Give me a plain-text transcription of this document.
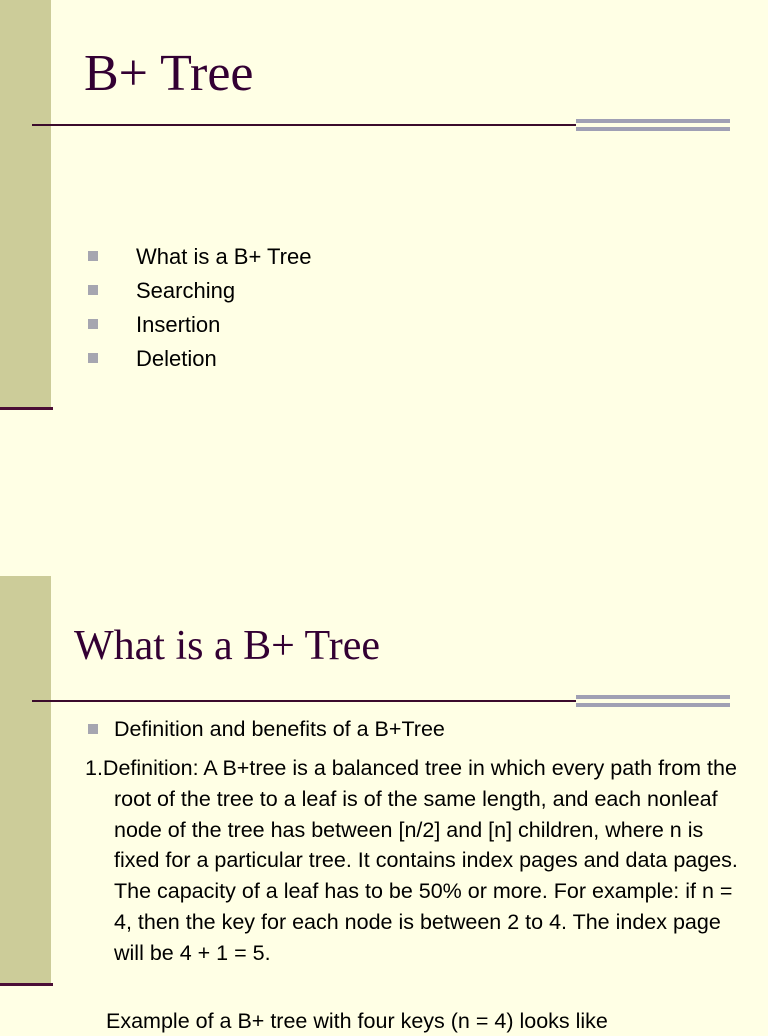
B+ Tree
What is a B+ Tree
Searching
Insertion
Deletion
What is a B+ Tree
Definition and benefits of a B+Tree
1.Definition: A B+tree is a balanced tree in which every path from the root of the tree to a leaf is of the same length, and each nonleaf node of the tree has between [n/2] and [n] children, where n is fixed for a particular tree. It contains index pages and data pages. The capacity of a leaf has to be 50% or more. For example: if n = 4, then the key for each node is between 2 to 4. The index page will be 4 + 1 = 5.
Example of a B+ tree with four keys (n = 4) looks like
